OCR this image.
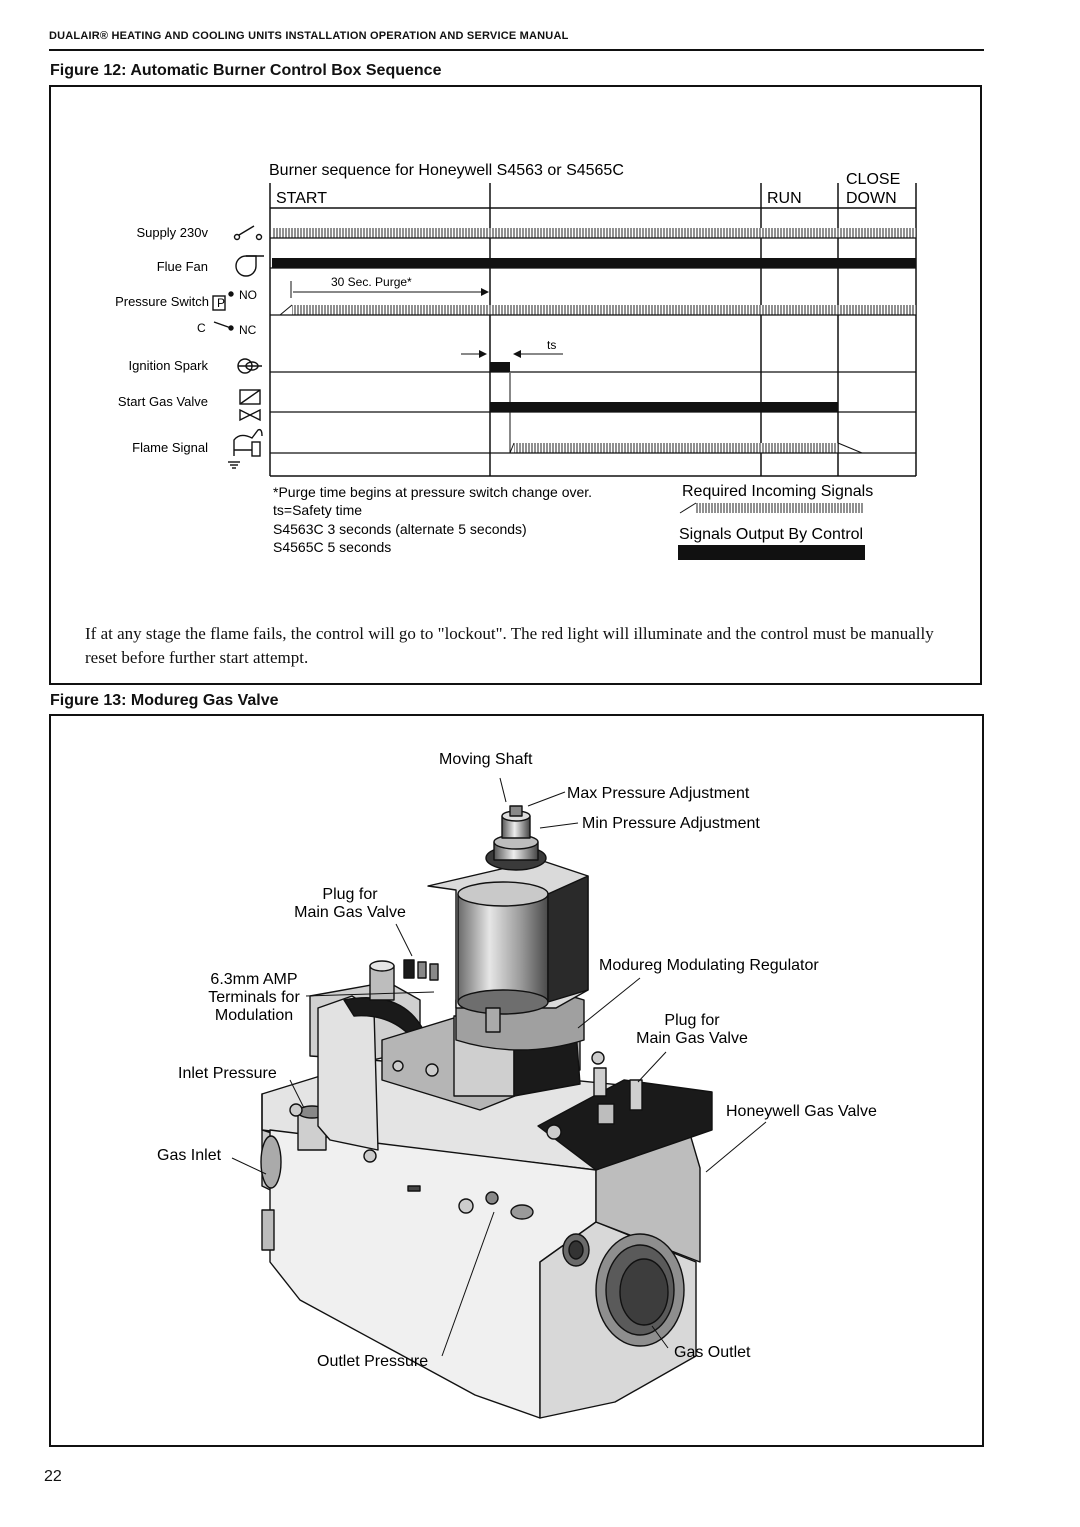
DUALAIR® HEATING AND COOLING UNITS INSTALLATION OPERATION AND SERVICE MANUAL
Figure 12: Automatic Burner Control Box Sequence
Figure 13: Modureg Gas Valve
Burner sequence for Honeywell S4563 or S4565C
CLOSE
START	RUN	DOWN
30 Sec. Purge*
ts
Supply 230v
Flue Fan
Pressure Switch
Ignition Spark
Start Gas Valve
Flame Signal
P
NO
C	NC
*Purge time begins at pressure switch change over.
ts=Safety time
S4563C 3 seconds (alternate 5 seconds)
S4565C 5 seconds
Required Incoming Signals
Signals Output By Control
Moving Shaft
Max Pressure Adjustment
Min Pressure Adjustment
Plug for
Main Gas Valve
6.3mm AMP
Terminals for
Modulation
Modureg Modulating Regulator
Plug for
Main Gas Valve
Inlet Pressure
Honeywell Gas Valve
Gas Inlet
Outlet Pressure
Gas Outlet
If at any stage the flame fails, the control will go to "lockout". The red light will illuminate and the control must be manually reset before further start attempt.
22
